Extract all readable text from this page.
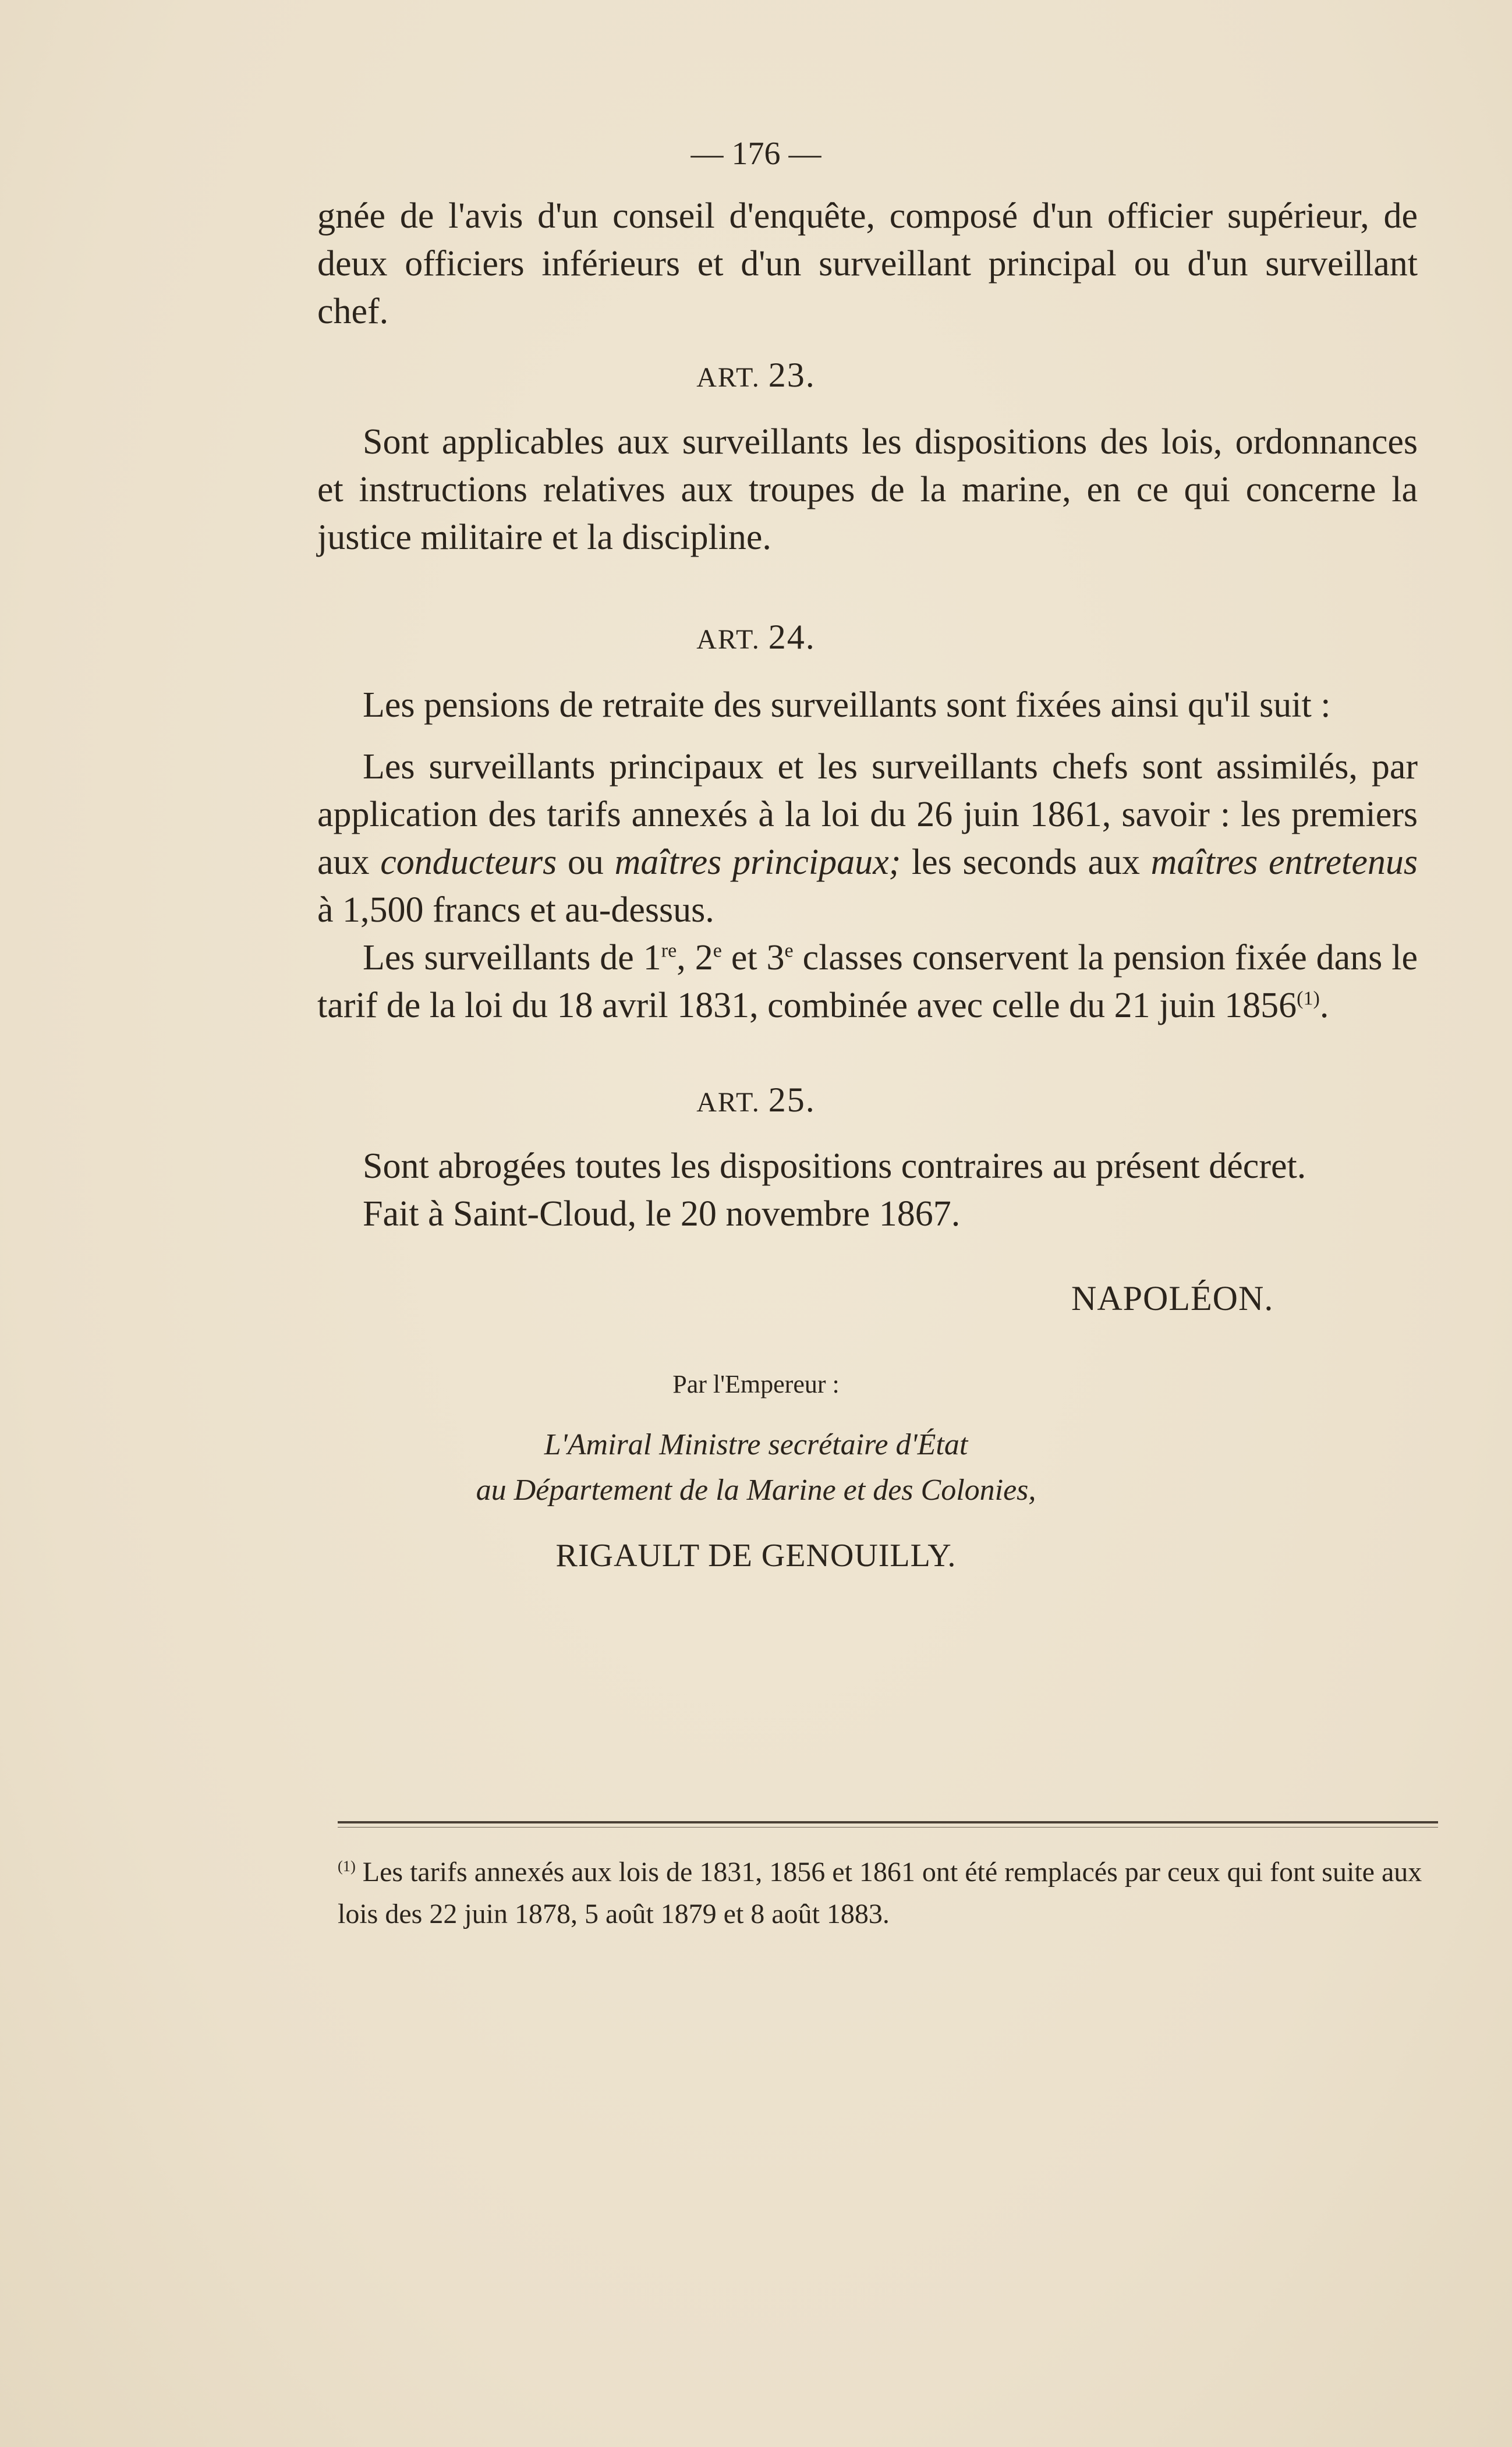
— 176 —

gnée de l'avis d'un conseil d'enquête, composé d'un officier supérieur, de deux officiers inférieurs et d'un surveillant principal ou d'un surveillant chef.

ART. 23.

Sont applicables aux surveillants les dispositions des lois, ordonnances et instructions relatives aux troupes de la marine, en ce qui concerne la justice militaire et la discipline.

ART. 24.

Les pensions de retraite des surveillants sont fixées ainsi qu'il suit :

Les surveillants principaux et les surveillants chefs sont assimilés, par application des tarifs annexés à la loi du 26 juin 1861, savoir : les premiers aux conducteurs ou maîtres principaux; les seconds aux maîtres entretenus à 1,500 francs et au-dessus.

Les surveillants de 1re, 2e et 3e classes conservent la pension fixée dans le tarif de la loi du 18 avril 1831, combinée avec celle du 21 juin 1856$^{(1)}$.

ART. 25.

Sont abrogées toutes les dispositions contraires au présent décret.

Fait à Saint-Cloud, le 20 novembre 1867.

NAPOLÉON.
Par l'Empereur :
L'Amiral Ministre secrétaire d'État
au Département de la Marine et des Colonies,
RIGAULT DE GENOUILLY.
$^{(1)}$ Les tarifs annexés aux lois de 1831, 1856 et 1861 ont été remplacés par ceux qui font suite aux lois des 22 juin 1878, 5 août 1879 et 8 août 1883.
